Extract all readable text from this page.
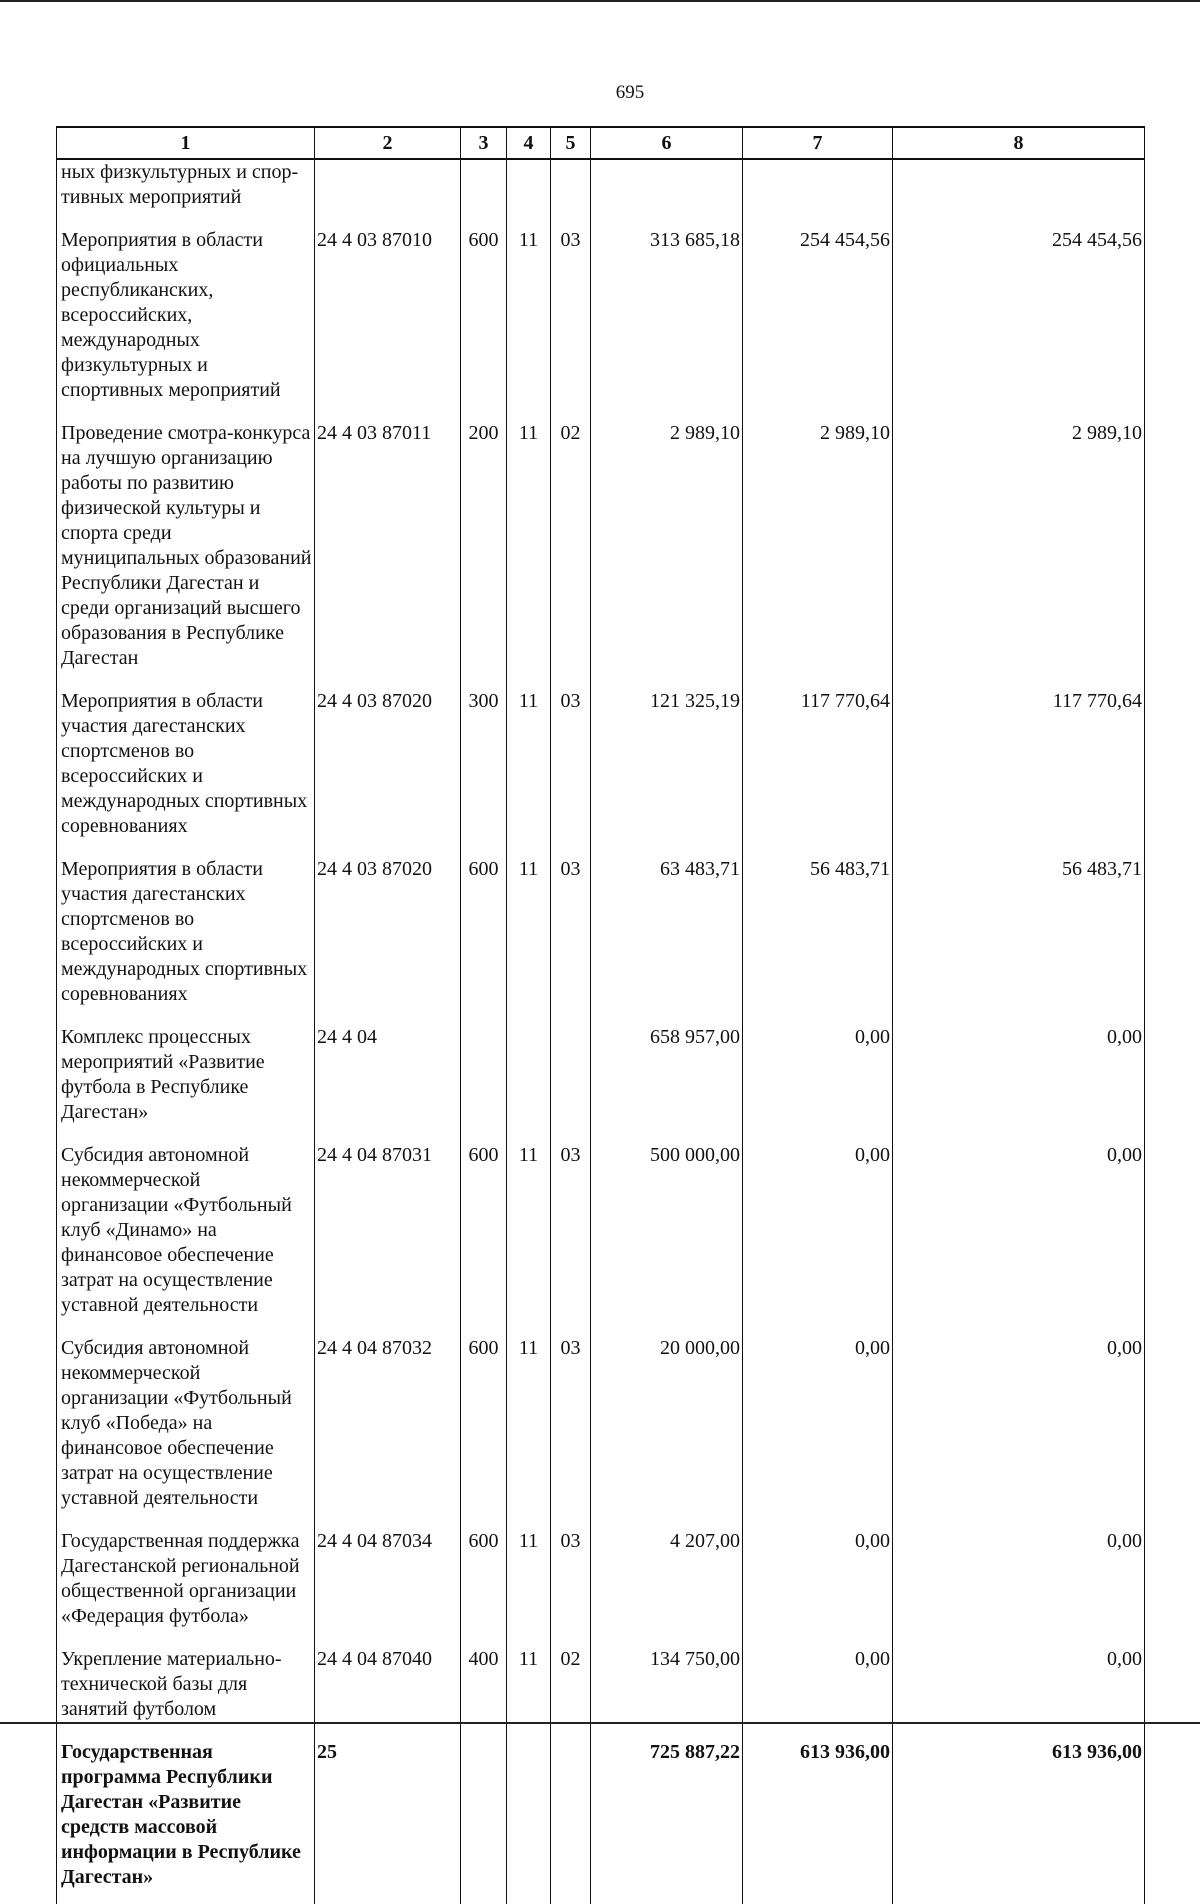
695
1	2	3	4	5	6	7	8
ных физкультурных и спор-тивных мероприятий							
Мероприятия в области официальных республиканских, всероссийских, международных физкультурных и спортивных мероприятий	24 4 03 87010	600	11	03	313 685,18	254 454,56	254 454,56
Проведение смотра-конкурса на лучшую организацию работы по развитию физической культуры и спорта среди муниципальных образований Республики Дагестан и среди организаций высшего образования в Республике Дагестан	24 4 03 87011	200	11	02	2 989,10	2 989,10	2 989,10
Мероприятия в области участия дагестанских спортсменов во всероссийских и международных спортивных соревнованиях	24 4 03 87020	300	11	03	121 325,19	117 770,64	117 770,64
Мероприятия в области участия дагестанских спортсменов во всероссийских и международных спортивных соревнованиях	24 4 03 87020	600	11	03	63 483,71	56 483,71	56 483,71
Комплекс процессных мероприятий «Развитие футбола в Республике Дагестан»	24 4 04				658 957,00	0,00	0,00
Субсидия автономной некоммерческой организации «Футбольный клуб «Динамо» на финансовое обеспечение затрат на осуществление уставной деятельности	24 4 04 87031	600	11	03	500 000,00	0,00	0,00
Субсидия автономной некоммерческой организации «Футбольный клуб «Победа» на финансовое обеспечение затрат на осуществление уставной деятельности	24 4 04 87032	600	11	03	20 000,00	0,00	0,00
Государственная поддержка Дагестанской региональной общественной организации «Федерация футбола»	24 4 04 87034	600	11	03	4 207,00	0,00	0,00
Укрепление материально-технической базы для занятий футболом	24 4 04 87040	400	11	02	134 750,00	0,00	0,00
Государственная программа Республики Дагестан «Развитие средств массовой информации в Республике Дагестан»	25				725 887,22	613 936,00	613 936,00
